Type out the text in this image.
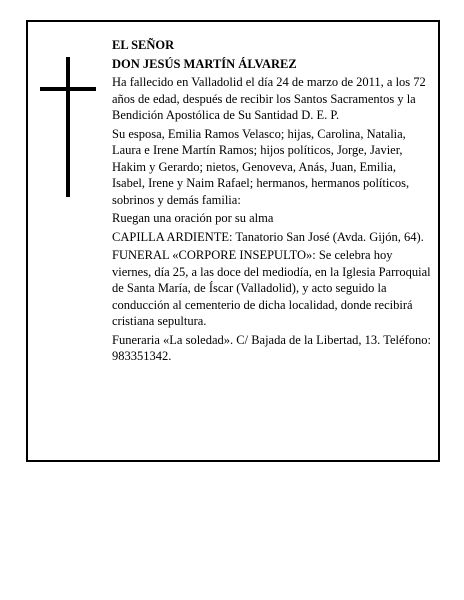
EL SEÑOR

DON JESÚS MARTÍN ÁLVAREZ

Ha fallecido en Valladolid el día 24 de marzo de 2011, a los 72 años de edad, después de recibir los Santos Sacramentos y la Bendición Apostólica de Su Santidad D. E. P.

Su esposa, Emilia Ramos Velasco; hijas, Carolina, Natalia, Laura e Irene Martín Ramos; hijos políticos, Jorge, Javier, Hakim y Gerardo; nietos, Genoveva, Anás, Juan, Emilia, Isabel, Irene y Naim Rafael; hermanos, hermanos políticos, sobrinos y demás familia:

Ruegan una oración por su alma

CAPILLA ARDIENTE: Tanatorio San José (Avda. Gijón, 64).

FUNERAL «CORPORE INSEPULTO»: Se celebra hoy viernes, día 25, a las doce del mediodía, en la Iglesia Parroquial de Santa María, de Íscar (Valladolid), y acto seguido la conducción al cementerio de dicha localidad, donde recibirá cristiana sepultura.

Funeraria «La soledad». C/ Bajada de la Libertad, 13. Teléfono: 983351342.
